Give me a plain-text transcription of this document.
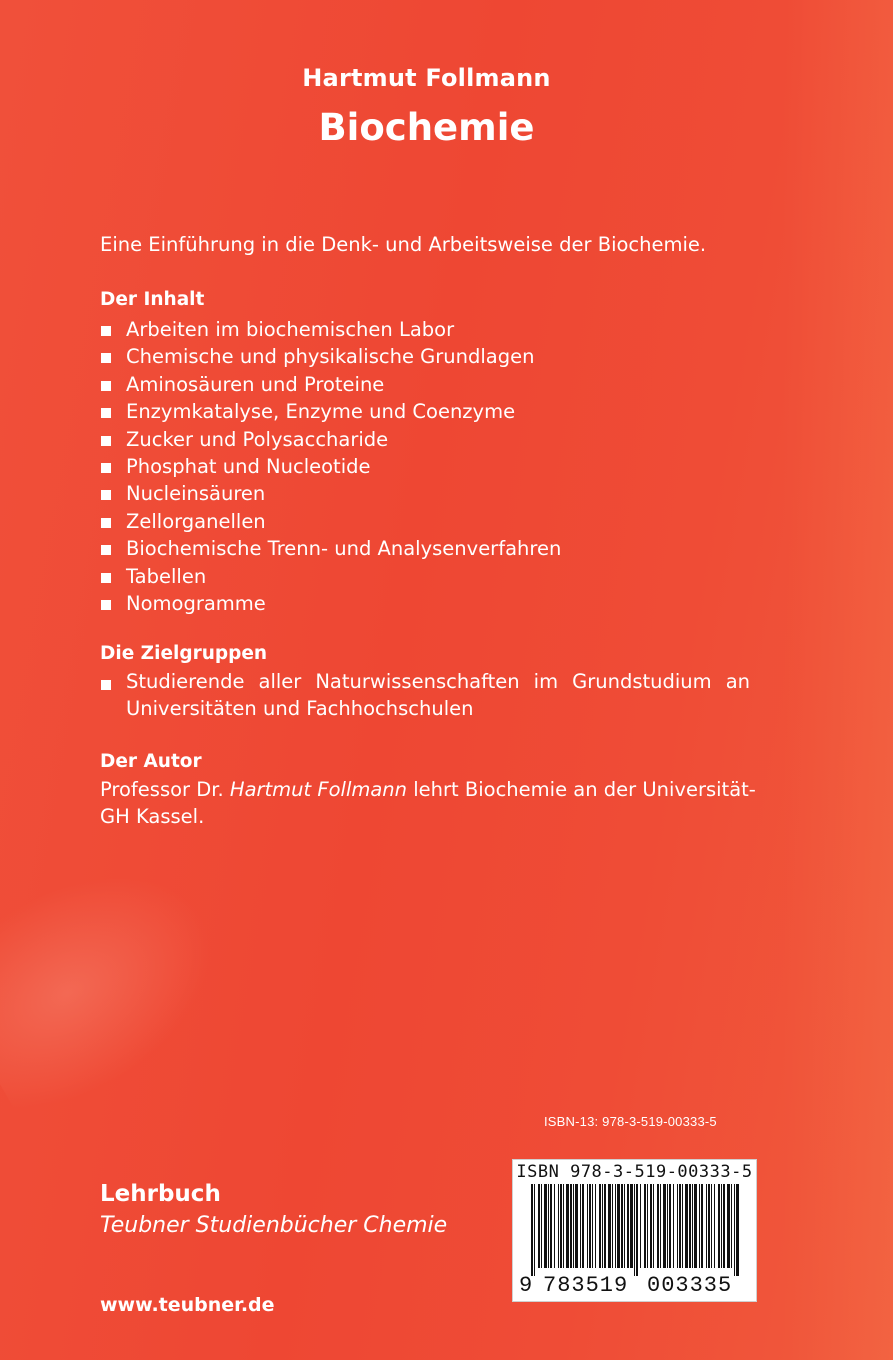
Hartmut Follmann
Biochemie
Eine Einführung in die Denk- und Arbeitsweise der Biochemie.
Der Inhalt
Arbeiten im biochemischen Labor
Chemische und physikalische Grundlagen
Aminosäuren und Proteine
Enzymkatalyse, Enzyme und Coenzyme
Zucker und Polysaccharide
Phosphat und Nucleotide
Nucleinsäuren
Zellorganellen
Biochemische Trenn- und Analysenverfahren
Tabellen
Nomogramme
Die Zielgruppen
Studierende aller Naturwissenschaften im Grundstudium an Universitäten und Fachhochschulen
Der Autor
Professor Dr. Hartmut Follmann lehrt Biochemie an der Universität-GH Kassel.
ISBN-13: 978-3-519-00333-5
Lehrbuch
Teubner Studienbücher Chemie
www.teubner.de
ISBN 978-3-519-00333-5
9 783519 003335
